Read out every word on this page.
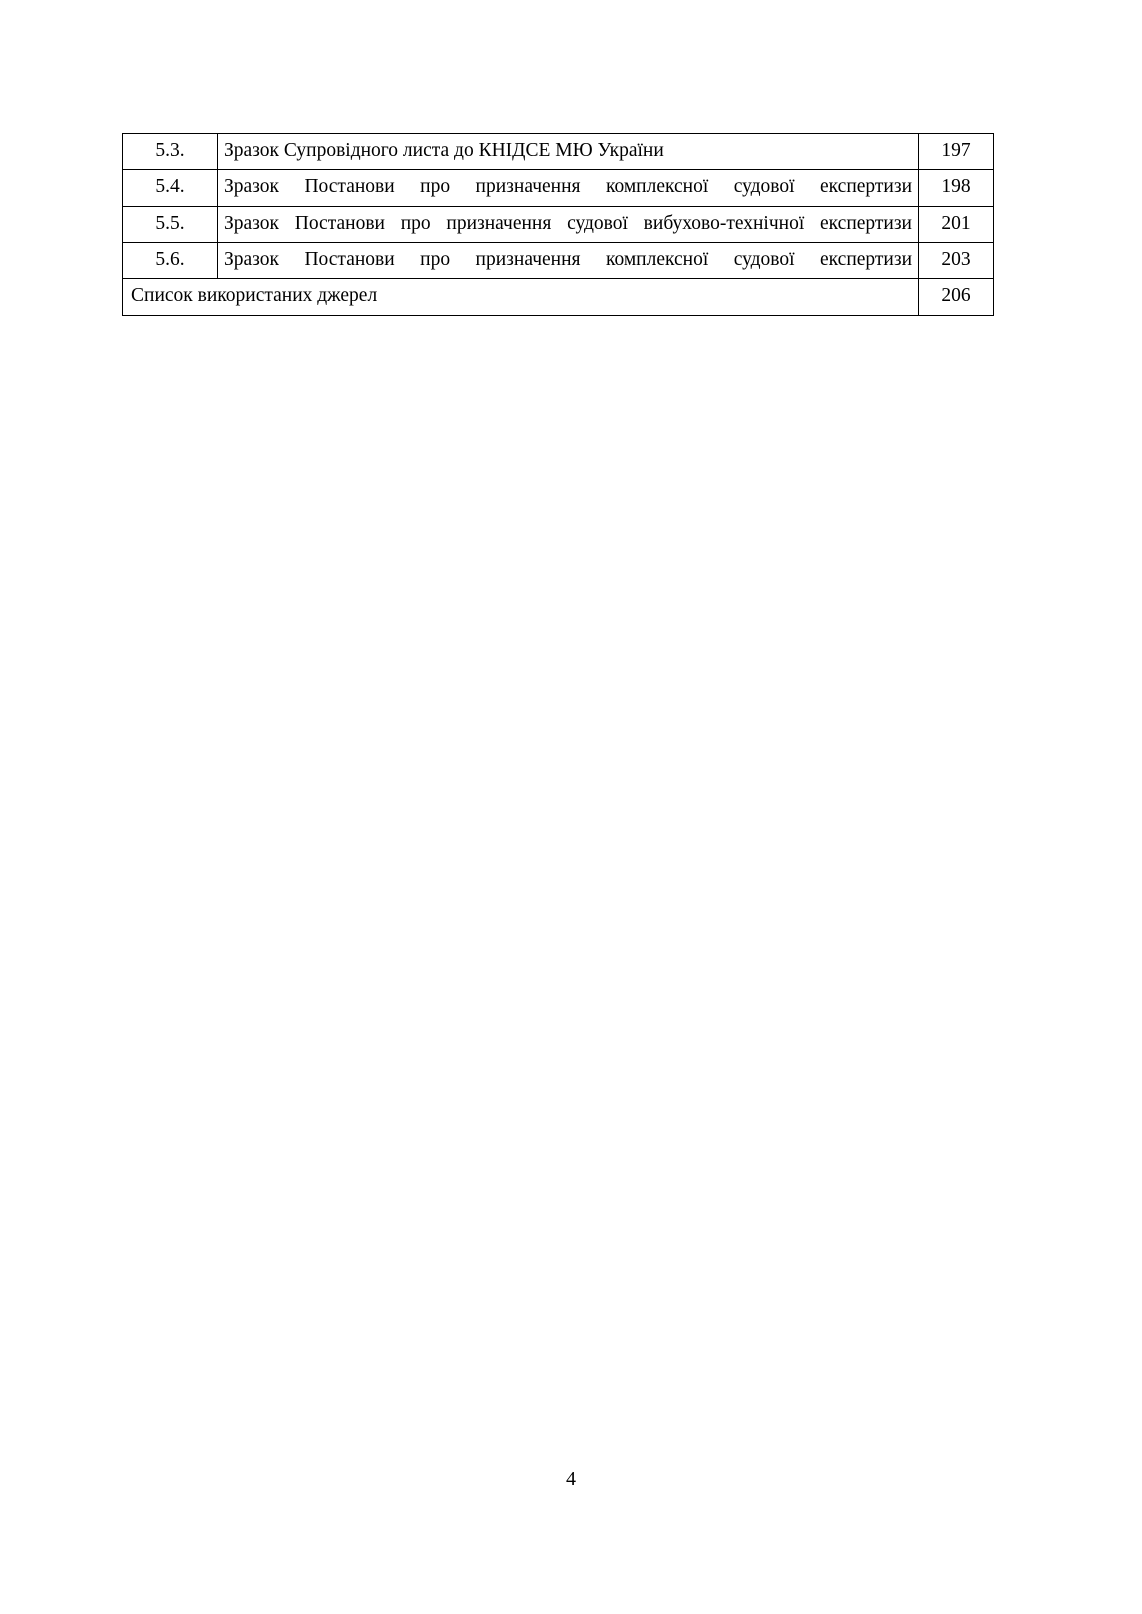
5.3.	Зразок Супровідного листа до КНІДСЕ МЮ України	197
5.4.	Зразок Постанови про призначення комплексної судової експертизи	198
5.5.	Зразок Постанови про призначення судової вибухово-технічної експертизи	201
5.6.	Зразок Постанови про призначення комплексної судової експертизи	203
Список використаних джерел		206
4
